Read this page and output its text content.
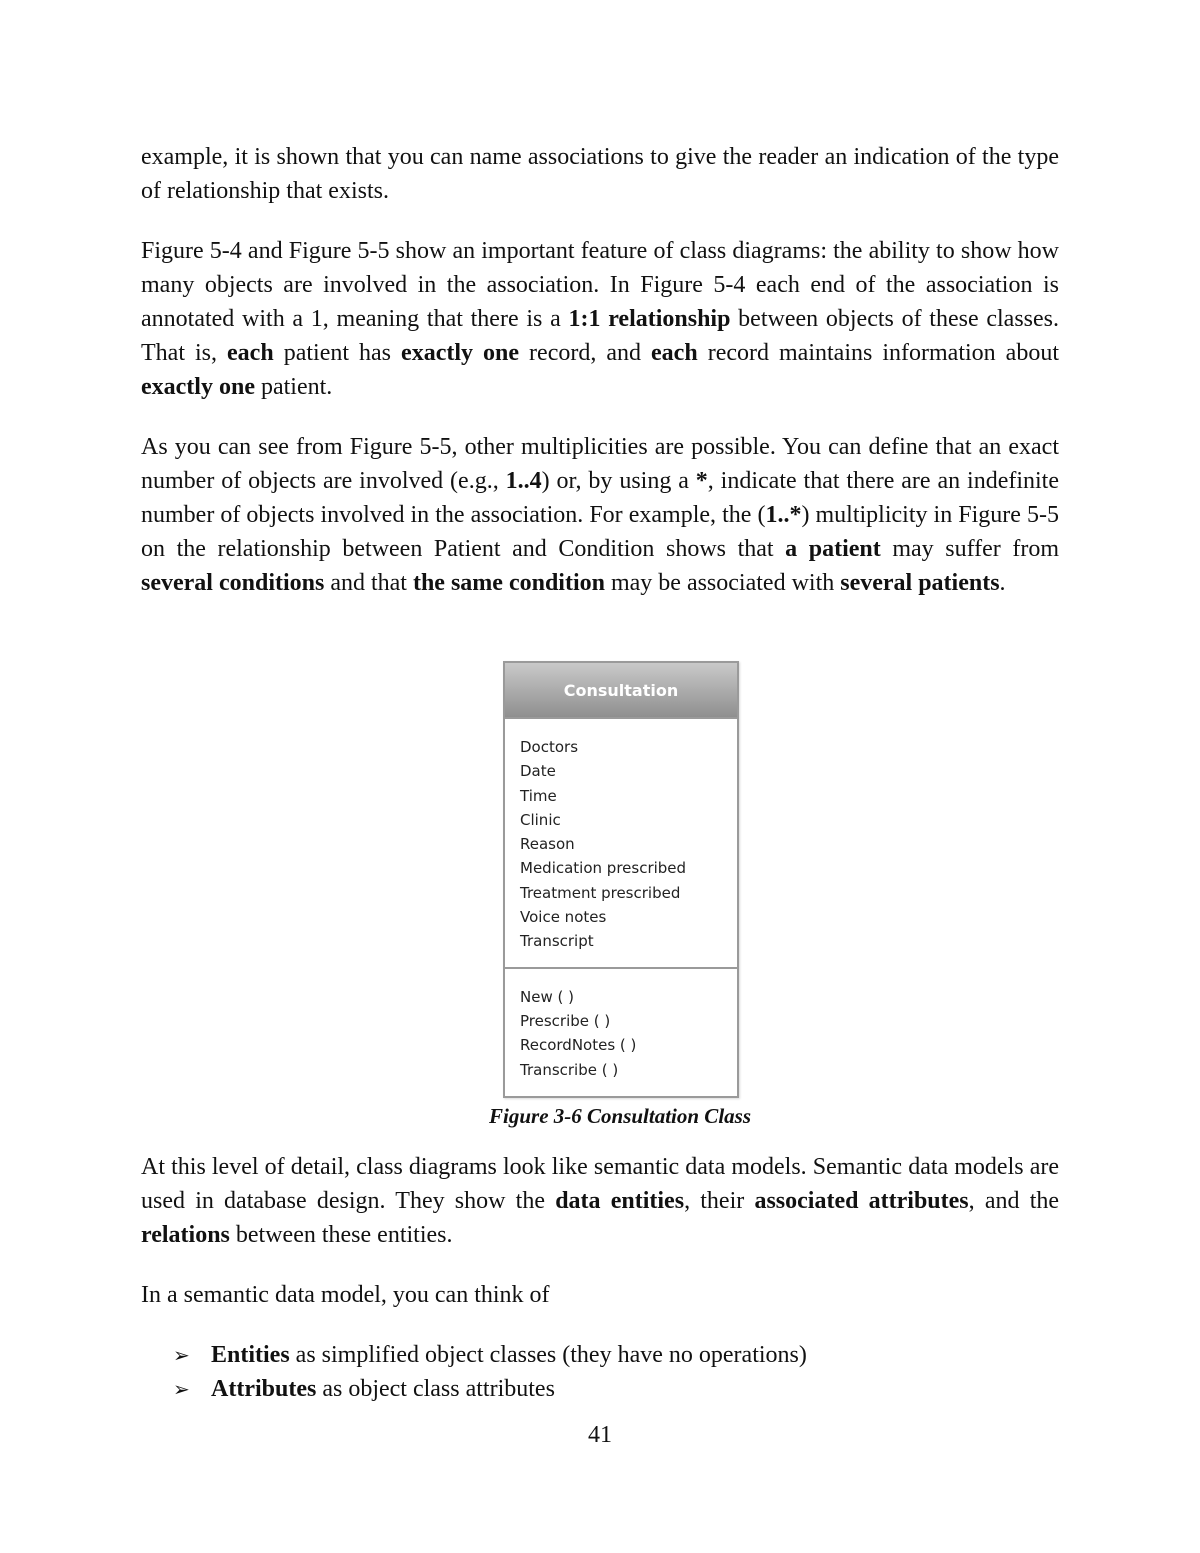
example, it is shown that you can name associations to give the reader an indication of the type of relationship that exists.

Figure 5-4 and Figure 5-5 show an important feature of class diagrams: the ability to show how many objects are involved in the association. In Figure 5-4 each end of the association is annotated with a 1, meaning that there is a 1:1 relationship between objects of these classes. That is, each patient has exactly one record, and each record maintains information about exactly one patient.

As you can see from Figure 5-5, other multiplicities are possible. You can define that an exact number of objects are involved (e.g., 1..4) or, by using a *, indicate that there are an indefinite number of objects involved in the association. For example, the (1..*) multiplicity in Figure 5-5 on the relationship between Patient and Condition shows that a patient may suffer from several conditions and that the same condition may be associated with several patients.

Consultation
Doctors
Date
Time
Clinic
Reason
Medication prescribed
Treatment prescribed
Voice notes
Transcript
New ( )
Prescribe ( )
RecordNotes ( )
Transcribe ( )
Figure 3-6 Consultation Class

At this level of detail, class diagrams look like semantic data models. Semantic data models are used in database design. They show the data entities, their associated attributes, and the relations between these entities.

In a semantic data model, you can think of

➢ Entities as simplified object classes (they have no operations)
➢ Attributes as object class attributes
41
